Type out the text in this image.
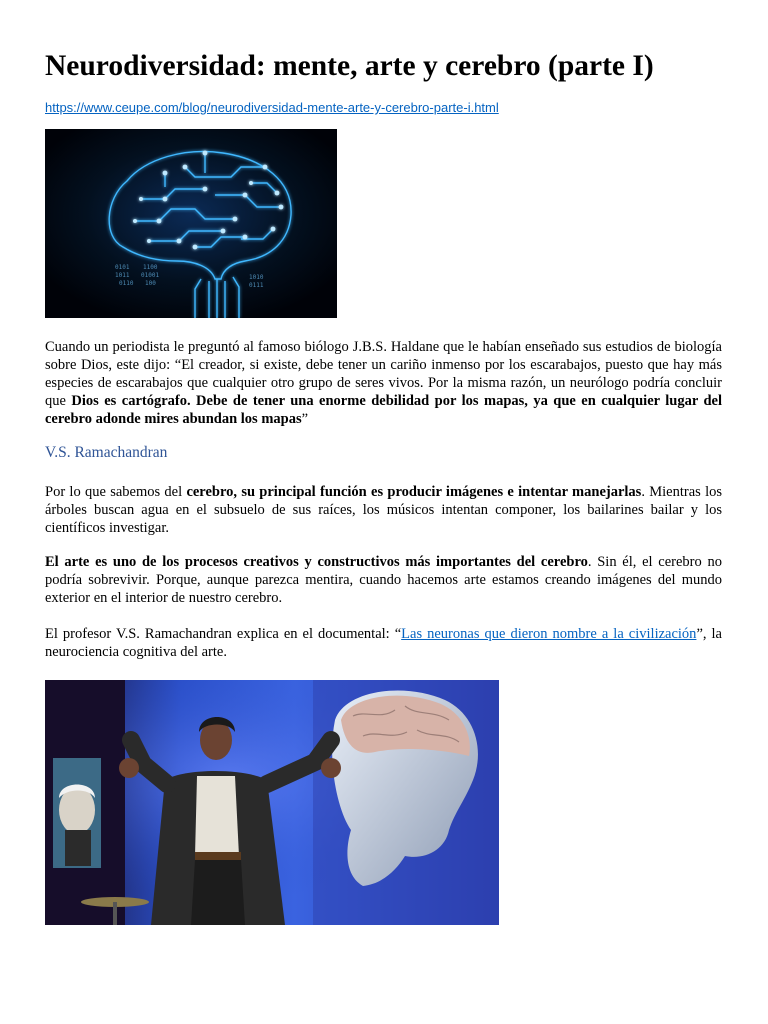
Neurodiversidad: mente, arte y cerebro (parte I)
https://www.ceupe.com/blog/neurodiversidad-mente-arte-y-cerebro-parte-i.html
0101
1011
0110
1100
01001
100
1010
0111

Cuando un periodista le preguntó al famoso biólogo J.B.S. Haldane que le habían enseñado sus estudios de biología sobre Dios, este dijo: “El creador, si existe, debe tener un cariño inmenso por los escarabajos, puesto que hay más especies de escarabajos que cualquier otro grupo de seres vivos. Por la misma razón, un neurólogo podría concluir que Dios es cartógrafo. Debe de tener una enorme debilidad por los mapas, ya que en cualquier lugar del cerebro adonde mires abundan los mapas”

V.S. Ramachandran

Por lo que sabemos del cerebro, su principal función es producir imágenes e intentar manejarlas. Mientras los árboles buscan agua en el subsuelo de sus raíces, los músicos intentan componer, los bailarines bailar y los científicos investigar.

El arte es uno de los procesos creativos y constructivos más importantes del cerebro. Sin él, el cerebro no podría sobrevivir. Porque, aunque parezca mentira, cuando hacemos arte estamos creando imágenes del mundo exterior en el interior de nuestro cerebro.

El profesor V.S. Ramachandran explica en el documental: “Las neuronas que dieron nombre a la civilización”, la neurociencia cognitiva del arte.
